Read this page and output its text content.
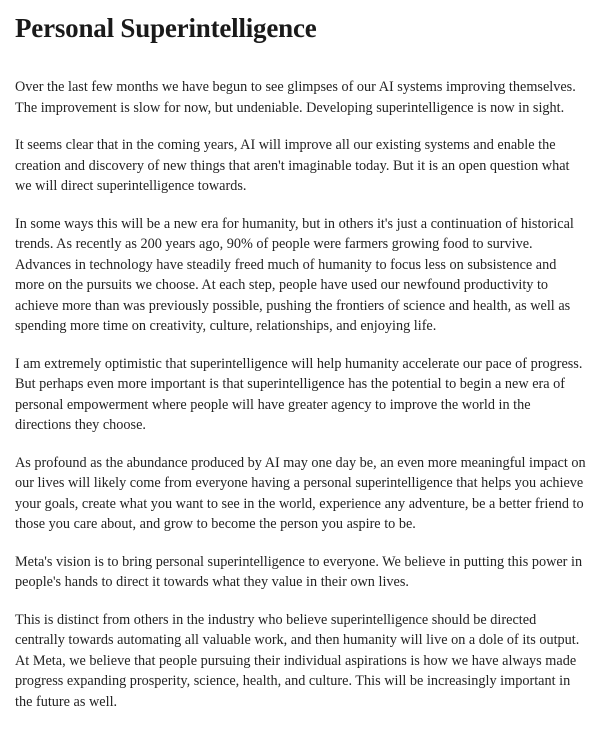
Personal Superintelligence

Over the last few months we have begun to see glimpses of our AI systems improving themselves. The improvement is slow for now, but undeniable. Developing superintelligence is now in sight.

It seems clear that in the coming years, AI will improve all our existing systems and enable the creation and discovery of new things that aren't imaginable today. But it is an open question what we will direct superintelligence towards.

In some ways this will be a new era for humanity, but in others it's just a continuation of historical trends. As recently as 200 years ago, 90% of people were farmers growing food to survive. Advances in technology have steadily freed much of humanity to focus less on subsistence and more on the pursuits we choose. At each step, people have used our newfound productivity to achieve more than was previously possible, pushing the frontiers of science and health, as well as spending more time on creativity, culture, relationships, and enjoying life.

I am extremely optimistic that superintelligence will help humanity accelerate our pace of progress. But perhaps even more important is that superintelligence has the potential to begin a new era of personal empowerment where people will have greater agency to improve the world in the directions they choose.

As profound as the abundance produced by AI may one day be, an even more meaningful impact on our lives will likely come from everyone having a personal superintelligence that helps you achieve your goals, create what you want to see in the world, experience any adventure, be a better friend to those you care about, and grow to become the person you aspire to be.

Meta's vision is to bring personal superintelligence to everyone. We believe in putting this power in people's hands to direct it towards what they value in their own lives.

This is distinct from others in the industry who believe superintelligence should be directed centrally towards automating all valuable work, and then humanity will live on a dole of its output. At Meta, we believe that people pursuing their individual aspirations is how we have always made progress expanding prosperity, science, health, and culture. This will be increasingly important in the future as well.
